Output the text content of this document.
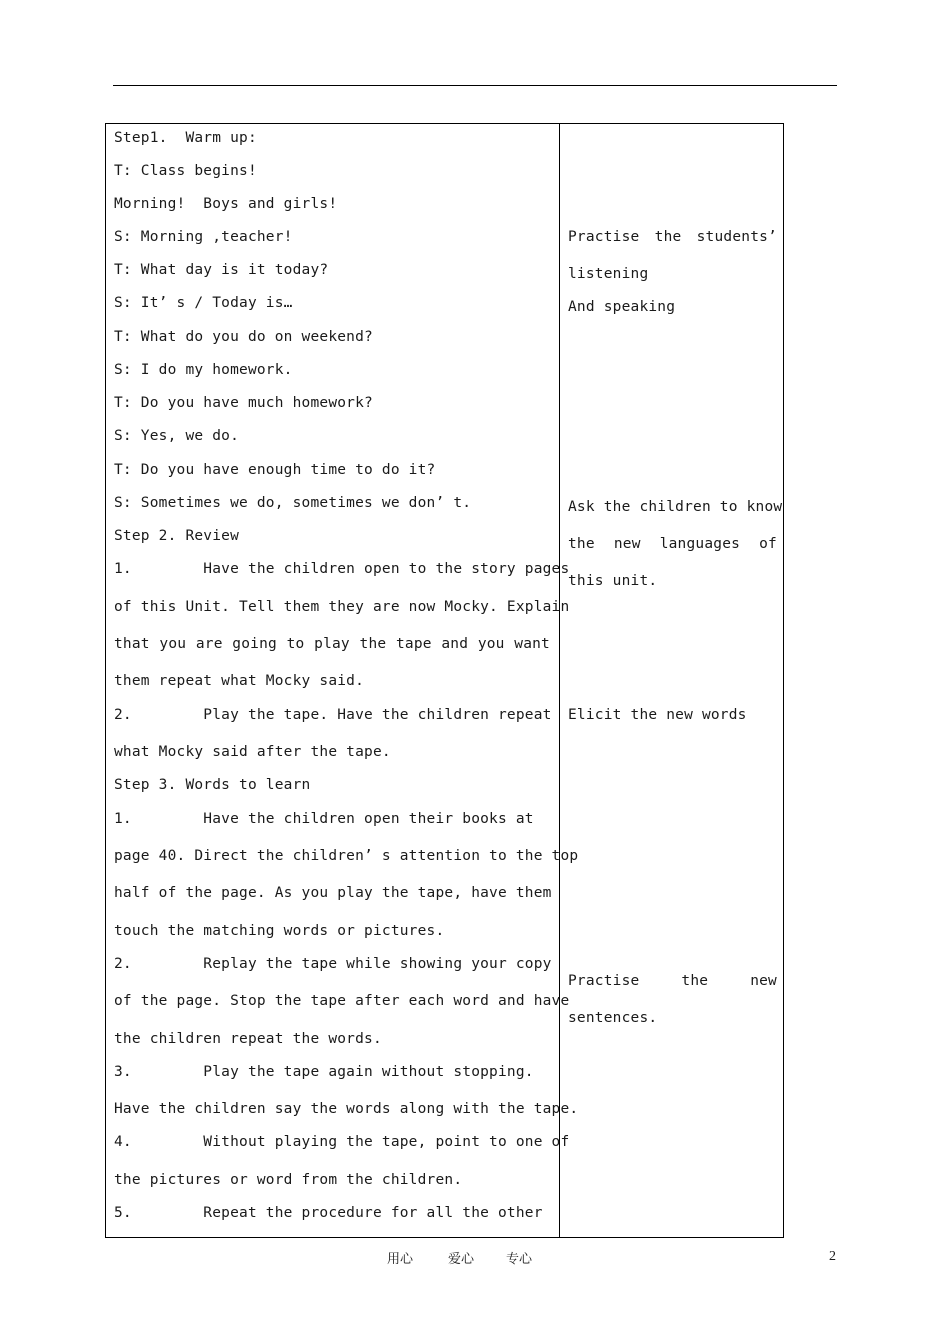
Step1.  Warm up:
T: Class begins!
Morning!  Boys and girls!
S: Morning ,teacher!
T: What day is it today?
S: It’ s / Today is…
T: What do you do on weekend?
S: I do my homework.
T: Do you have much homework?
S: Yes, we do.
T: Do you have enough time to do it?
S: Sometimes we do, sometimes we don’ t.
Step 2. Review
1.        Have the children open to the story pages
of this Unit. Tell them they are now Mocky. Explain
that you are going to play the tape and you want
them repeat what Mocky said.
2.        Play the tape. Have the children repeat
what Mocky said after the tape.
Step 3. Words to learn
1.        Have the children open their books at
page 40. Direct the children’ s attention to the top
half of the page. As you play the tape, have them
touch the matching words or pictures.
2.        Replay the tape while showing your copy
of the page. Stop the tape after each word and have
the children repeat the words.
3.        Play the tape again without stopping.
Have the children say the words along with the tape.
4.        Without playing the tape, point to one of
the pictures or word from the children.
5.        Repeat the procedure for all the other
Practise the students’
listening
And speaking
Ask the children to know
the new languages of
this unit.
Elicit the new words
Practise the new
sentences.
用心	爱心 专心	2
